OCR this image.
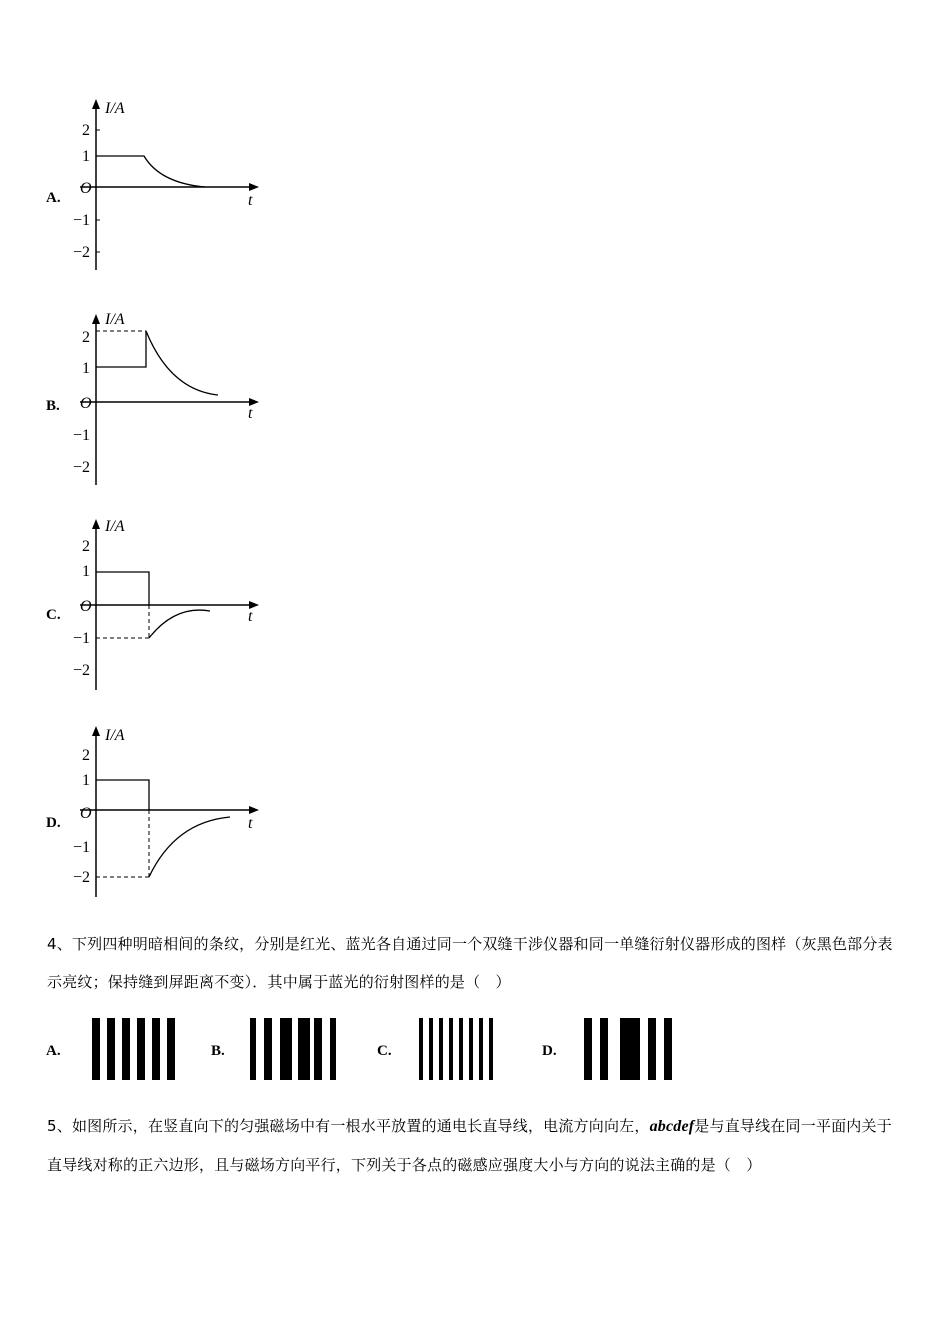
A.
I/A
t
O
2
1
−1
−2
B.
I/A
t
O
2
1
−1
−2
C.
I/A
t
O
2
1
−1
−2
D.
I/A
t
O
2
1
−1
−2
4、下列四种明暗相间的条纹，分别是红光、蓝光各自通过同一个双缝干涉仪器和同一单缝衍射仪器形成的图样（灰黑色部分表示亮纹；保持缝到屏距离不变）．其中属于蓝光的衍射图样的是（　）
A.	B.	C.	D.
5、如图所示，在竖直向下的匀强磁场中有一根水平放置的通电长直导线，电流方向向左，abcdef是与直导线在同一平面内关于直导线对称的正六边形，且与磁场方向平行，下列关于各点的磁感应强度大小与方向的说法主确的是（　）
